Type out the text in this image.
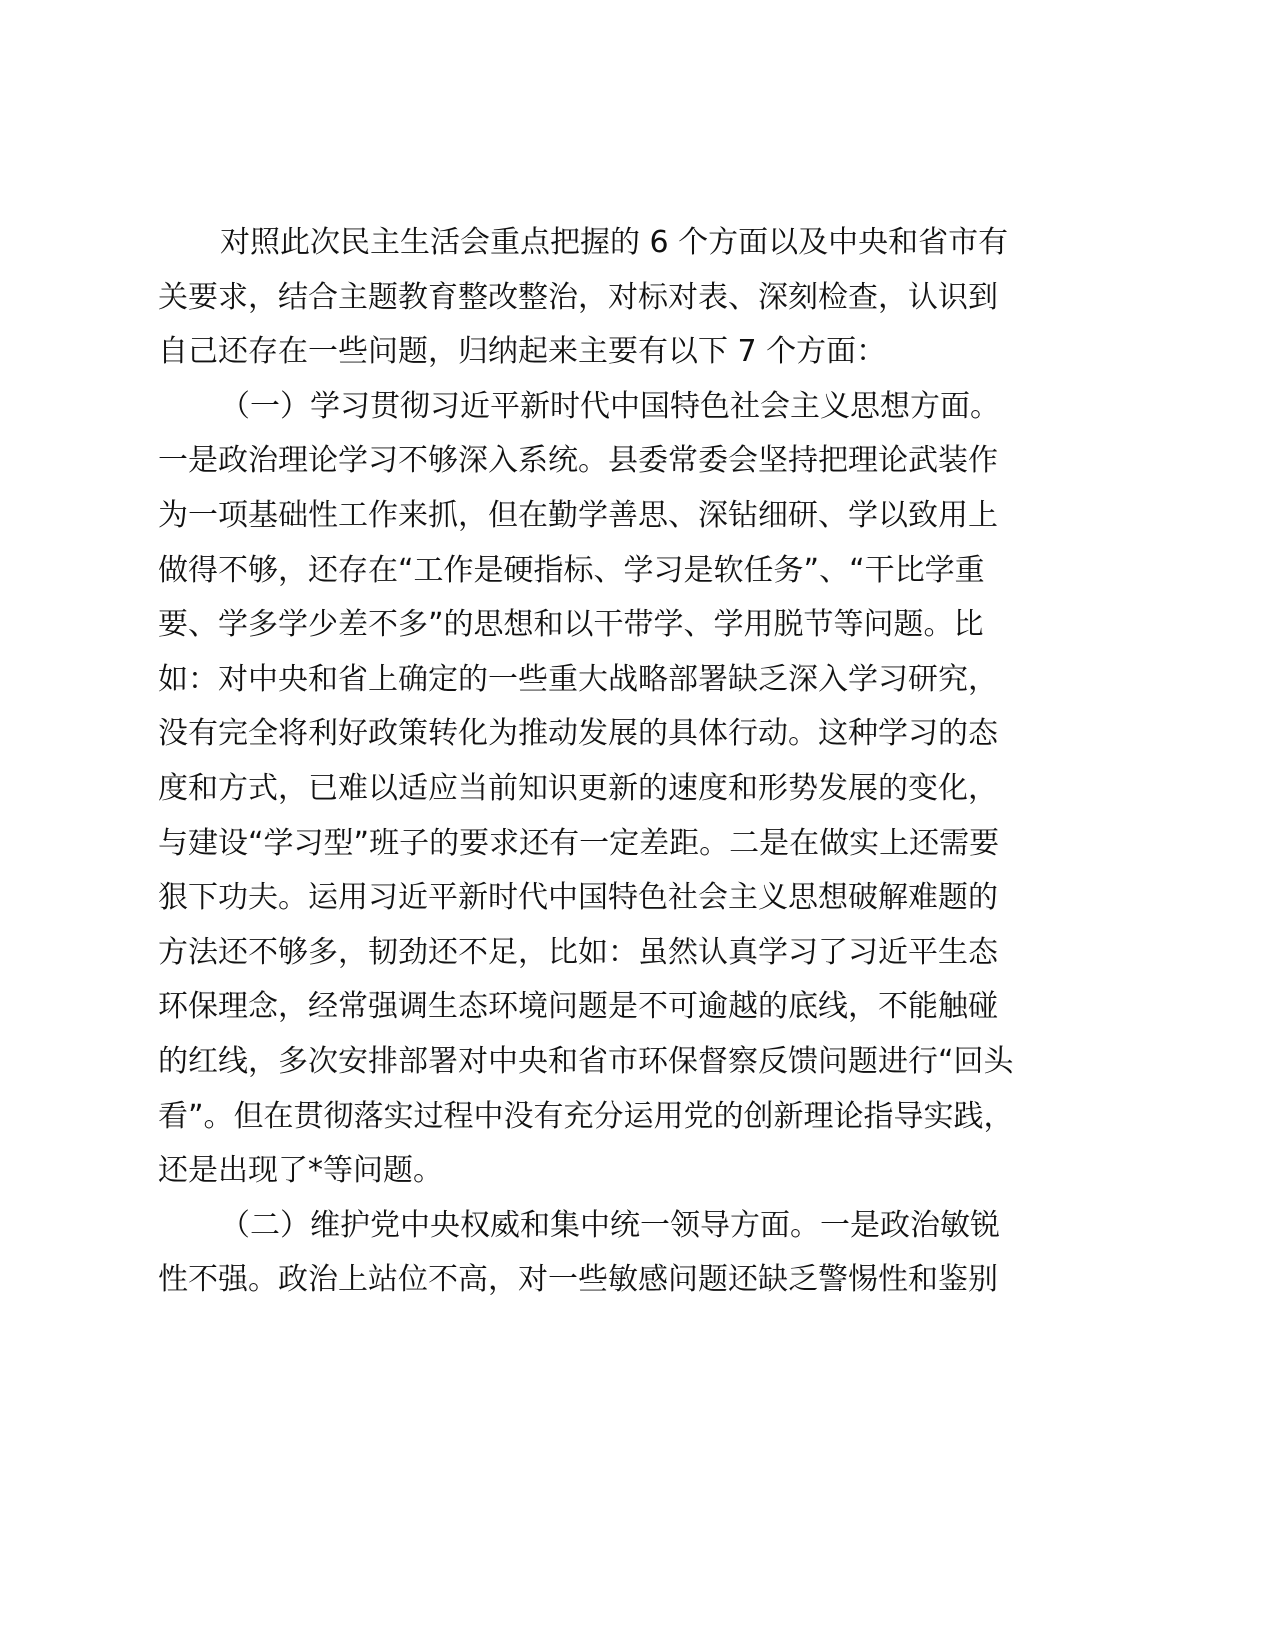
对照此次民主生活会重点把握的 6 个方面以及中央和省市有
关要求，结合主题教育整改整治，对标对表、深刻检查，认识到
自己还存在一些问题，归纳起来主要有以下 7 个方面：
（一）学习贯彻习近平新时代中国特色社会主义思想方面。
一是政治理论学习不够深入系统。县委常委会坚持把理论武装作
为一项基础性工作来抓，但在勤学善思、深钻细研、学以致用上
做得不够，还存在“工作是硬指标、学习是软任务”、“干比学重
要、学多学少差不多”的思想和以干带学、学用脱节等问题。比
如：对中央和省上确定的一些重大战略部署缺乏深入学习研究，
没有完全将利好政策转化为推动发展的具体行动。这种学习的态
度和方式，已难以适应当前知识更新的速度和形势发展的变化，
与建设“学习型”班子的要求还有一定差距。二是在做实上还需要
狠下功夫。运用习近平新时代中国特色社会主义思想破解难题的
方法还不够多，韧劲还不足，比如：虽然认真学习了习近平生态
环保理念，经常强调生态环境问题是不可逾越的底线，不能触碰
的红线，多次安排部署对中央和省市环保督察反馈问题进行“回头
看”。但在贯彻落实过程中没有充分运用党的创新理论指导实践，
还是出现了*等问题。
（二）维护党中央权威和集中统一领导方面。一是政治敏锐
性不强。政治上站位不高，对一些敏感问题还缺乏警惕性和鉴别
